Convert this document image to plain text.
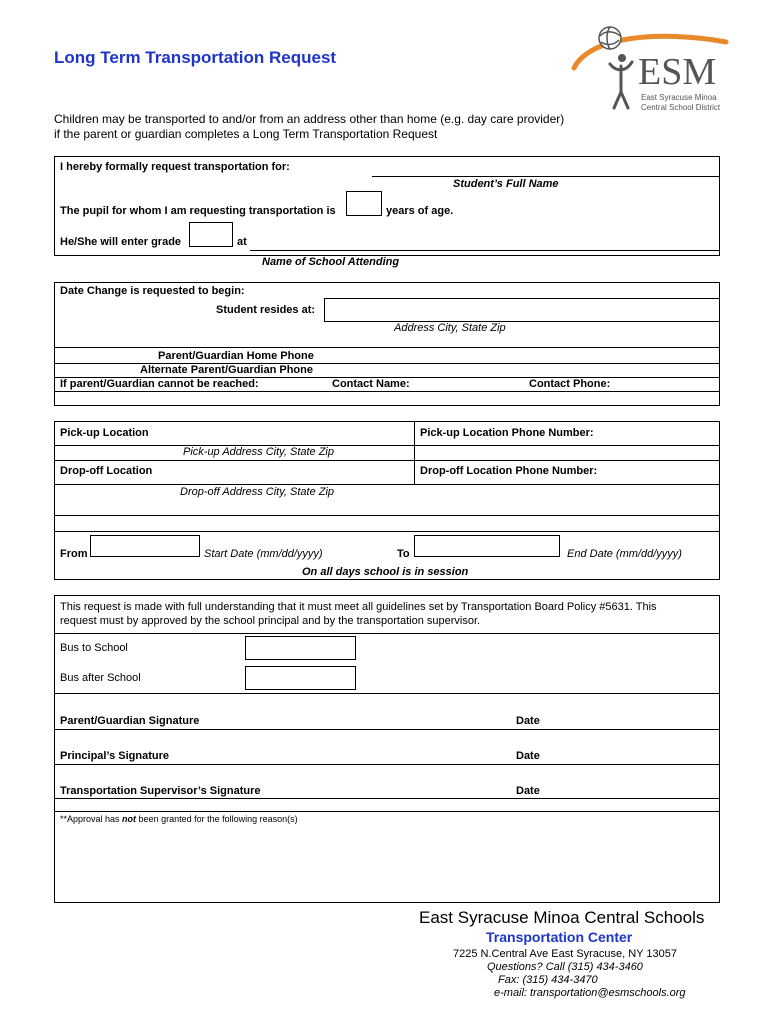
Long Term Transportation Request
Children may be transported to and/or from an address other than home (e.g. day care provider)
if the parent or guardian completes a Long Term Transportation Request
ESM
East Syracuse Minoa
Central School District
I hereby formally request transportation for:
Student’s Full Name
The pupil for whom I am requesting transportation is	years of age.
He/She will enter grade	at
Name of School Attending
Date Change is requested to begin:
Student resides at:
Address City, State Zip
Parent/Guardian Home Phone
Alternate Parent/Guardian Phone
If parent/Guardian cannot be reached:	Contact Name:	Contact Phone:
Pick-up Location	Pick-up Location Phone Number:
Pick-up Address City, State Zip
Drop-off Location	Drop-off Location Phone Number:
Drop-off Address City, State Zip
From	Start Date (mm/dd/yyyy)	To	End Date (mm/dd/yyyy)
On all days school is in session
This request is made with full understanding that it must meet all guidelines set by Transportation Board Policy #5631. This
request must by approved by the school principal and by the transportation supervisor.
Bus to School
Bus after School
Parent/Guardian Signature	Date
Principal’s Signature	Date
Transportation Supervisor’s Signature	Date
**Approval has not been granted for the following reason(s)
East Syracuse Minoa Central Schools
Transportation Center
7225 N.Central Ave East Syracuse, NY 13057
Questions? Call (315) 434-3460
Fax: (315) 434-3470
e-mail: transportation@esmschools.org
